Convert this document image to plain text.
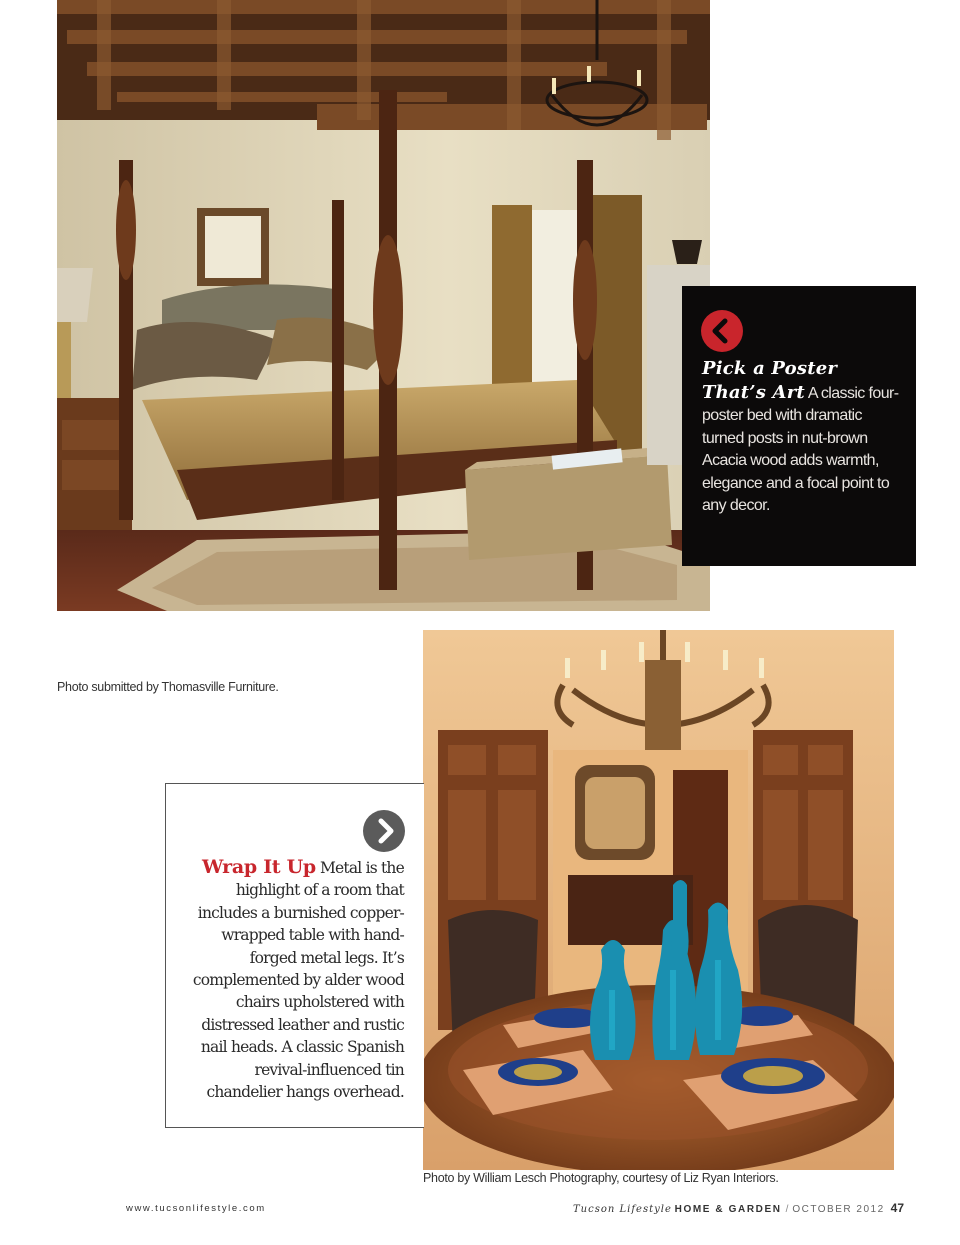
Photo submitted by Thomasville Furniture.
Pick a Poster That’s Art A classic four-poster bed with dramatic turned posts in nut-brown Acacia wood adds warmth, elegance and a focal point to any decor.
Photo by William Lesch Photography, courtesy of Liz Ryan Interiors.
Wrap It Up Metal is the highlight of a room that includes a burnished copper-wrapped table with hand-forged metal legs. It’s complemented by alder wood chairs upholstered with distressed leather and rustic nail heads. A classic Spanish revival-influenced tin chandelier hangs overhead.
www.tucsonlifestyle.com	Tucson Lifestyle HOME & GARDEN / OCTOBER 2012 47
